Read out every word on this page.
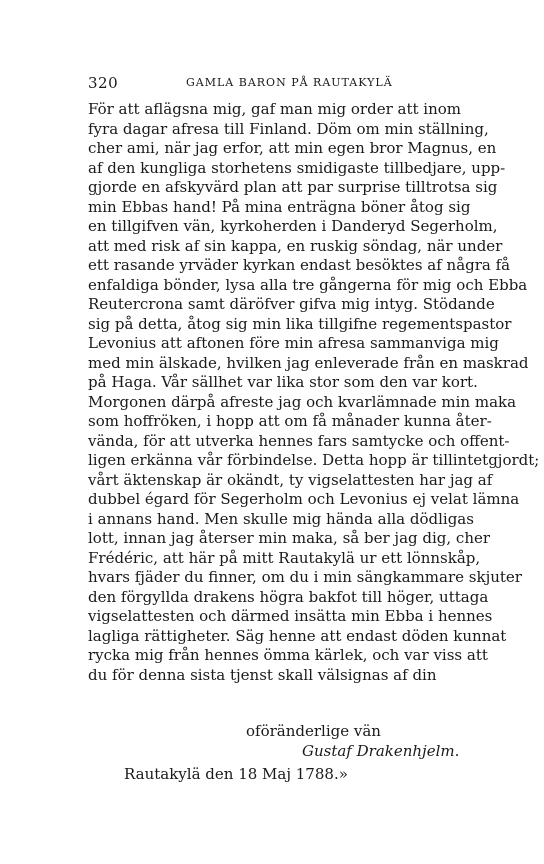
320	GAMLA BARON PÅ RAUTAKYLÄ
För att aflägsna mig, gaf man mig order att inom
fyra dagar afresa till Finland. Döm om min ställning,
cher ami, när jag erfor, att min egen bror Magnus, en
af den kungliga storhetens smidigaste tillbedjare, upp-
gjorde en afskyvärd plan att par surprise tilltrotsa sig
min Ebbas hand! På mina enträgna böner åtog sig
en tillgifven vän, kyrkoherden i Danderyd Segerholm,
att med risk af sin kappa, en ruskig söndag, när under
ett rasande yrväder kyrkan endast besöktes af några få
enfaldiga bönder, lysa alla tre gångerna för mig och Ebba
Reutercrona samt däröfver gifva mig intyg. Stödande
sig på detta, åtog sig min lika tillgifne regementspastor
Levonius att aftonen före min afresa sammanviga mig
med min älskade, hvilken jag enleverade från en maskrad
på Haga. Vår sällhet var lika stor som den var kort.
Morgonen därpå afreste jag och kvarlämnade min maka
som hoffröken, i hopp att om få månader kunna åter-
vända, för att utverka hennes fars samtycke och offent-
ligen erkänna vår förbindelse. Detta hopp är tillintetgjordt;
vårt äktenskap är okändt, ty vigselattesten har jag af
dubbel égard för Segerholm och Levonius ej velat lämna
i annans hand. Men skulle mig hända alla dödligas
lott, innan jag återser min maka, så ber jag dig, cher
Frédéric, att här på mitt Rautakylä ur ett lönnskåp,
hvars fjäder du finner, om du i min sängkammare skjuter
den förgyllda drakens högra bakfot till höger, uttaga
vigselattesten och därmed insätta min Ebba i hennes
lagliga rättigheter. Säg henne att endast döden kunnat
rycka mig från hennes ömma kärlek, och var viss att
du för denna sista tjenst skall välsignas af din
oföränderlige vän
Gustaf Drakenhjelm.
Rautakylä den 18 Maj 1788.»
